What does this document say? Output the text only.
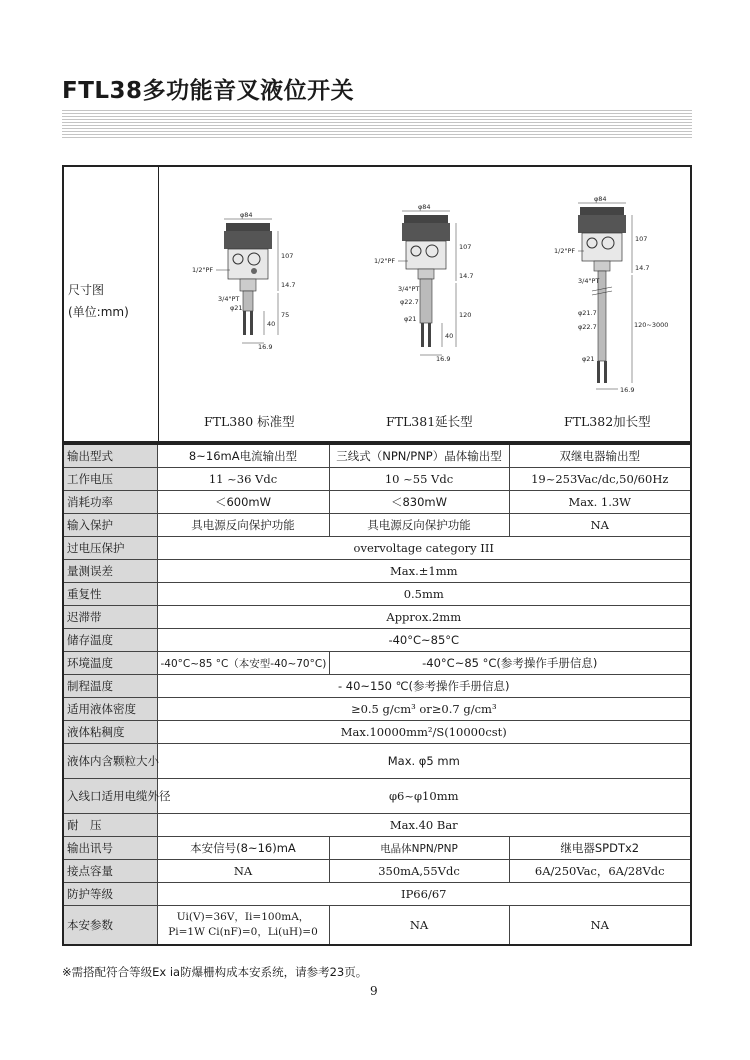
FTL38多功能音叉液位开关
尺寸图
(单位:mm)
φ84
107
14.7
75
40
1/2"PF
3/4"PT
φ21
16.9
FTL380 标准型
φ84
107
14.7
120
40
1/2"PF
3/4"PT
φ22.7
φ21
16.9
FTL381延长型
φ84
107
14.7
120~3000
1/2"PF
3/4"PT
φ21.7
φ22.7
φ21
16.9
FTL382加长型
输出型式	8~16mA电流输出型	三线式（NPN/PNP）晶体输出型	双继电器输出型
工作电压	11 ~36 Vdc	10 ~55 Vdc	19~253Vac/dc,50/60Hz
消耗功率	＜600mW	＜830mW	Max. 1.3W
输入保护	具电源反向保护功能	具电源反向保护功能	NA
过电压保护	overvoltage category III		
量测误差	Max.±1mm		
重复性	0.5mm		
迟滞带	Approx.2mm		
储存温度	-40°C~85°C		
环境温度	-40°C~85 °C（本安型-40~70°C)	-40°C~85 °C(参考操作手册信息)	
制程温度	- 40~150 ℃(参考操作手册信息)		
适用液体密度	≥0.5 g/cm³ or≥0.7 g/cm³		
液体粘稠度	Max.10000mm²/S(10000cst)		
液体内含颗粒大小	Max. φ5 mm		
入线口适用电缆外径	φ6~φ10mm		
耐　压	Max.40 Bar		
输出讯号	本安信号(8~16)mA	电晶体NPN/PNP	继电器SPDTx2
接点容量	NA	350mA,55Vdc	6A/250Vac，6A/28Vdc
防护等级	IP66/67		
本安参数	Ui(V)=36V，Ii=100mA，
Pi=1W Ci(nF)=0，Li(uH)=0	NA	NA
※需搭配符合等级Ex ia防爆栅构成本安系统，请参考23页。
9
